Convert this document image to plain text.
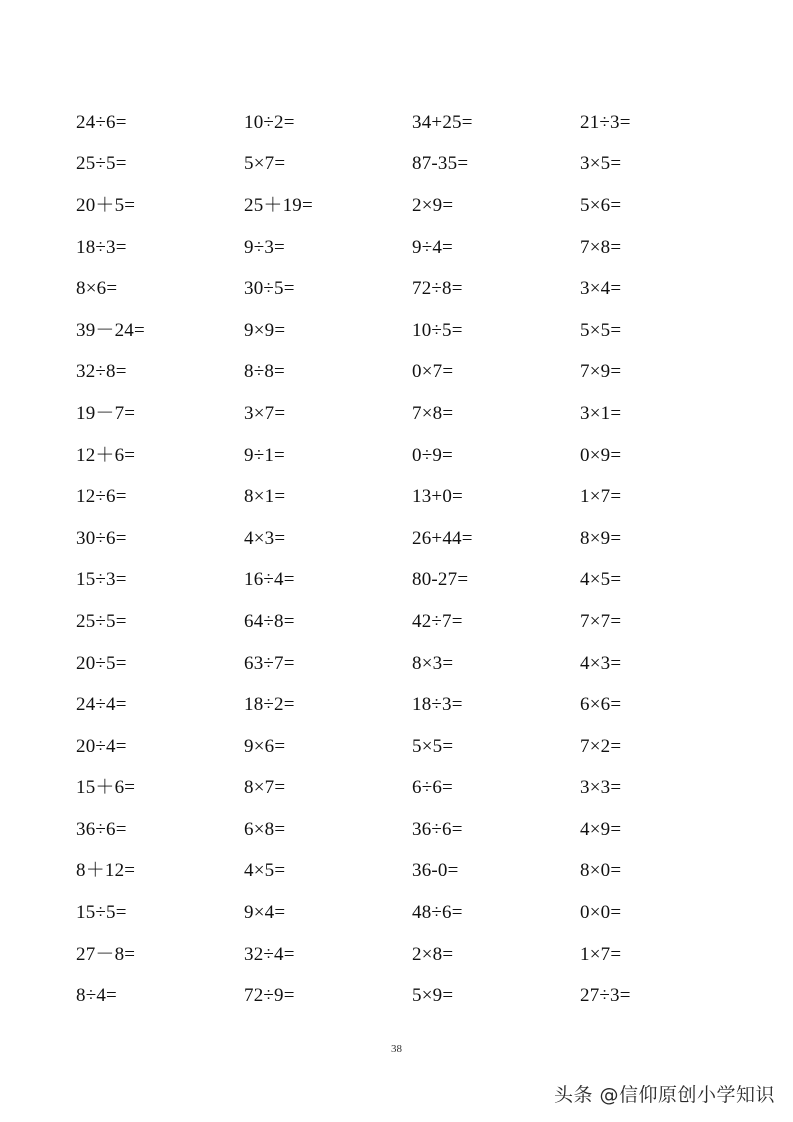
24÷6=	10÷2=	34+25=	21÷3=
25÷5=	5×7=	87-35=	3×5=
20＋5=	25＋19=	2×9=	5×6=
18÷3=	9÷3=	9÷4=	7×8=
8×6=	30÷5=	72÷8=	3×4=
39－24=	9×9=	10÷5=	5×5=
32÷8=	8÷8=	0×7=	7×9=
19－7=	3×7=	7×8=	3×1=
12＋6=	9÷1=	0÷9=	0×9=
12÷6=	8×1=	13+0=	1×7=
30÷6=	4×3=	26+44=	8×9=
15÷3=	16÷4=	80-27=	4×5=
25÷5=	64÷8=	42÷7=	7×7=
20÷5=	63÷7=	8×3=	4×3=
24÷4=	18÷2=	18÷3=	6×6=
20÷4=	9×6=	5×5=	7×2=
15＋6=	8×7=	6÷6=	3×3=
36÷6=	6×8=	36÷6=	4×9=
8＋12=	4×5=	36-0=	8×0=
15÷5=	9×4=	48÷6=	0×0=
27－8=	32÷4=	2×8=	1×7=
8÷4=	72÷9=	5×9=	27÷3=
38
头条 @信仰原创小学知识
